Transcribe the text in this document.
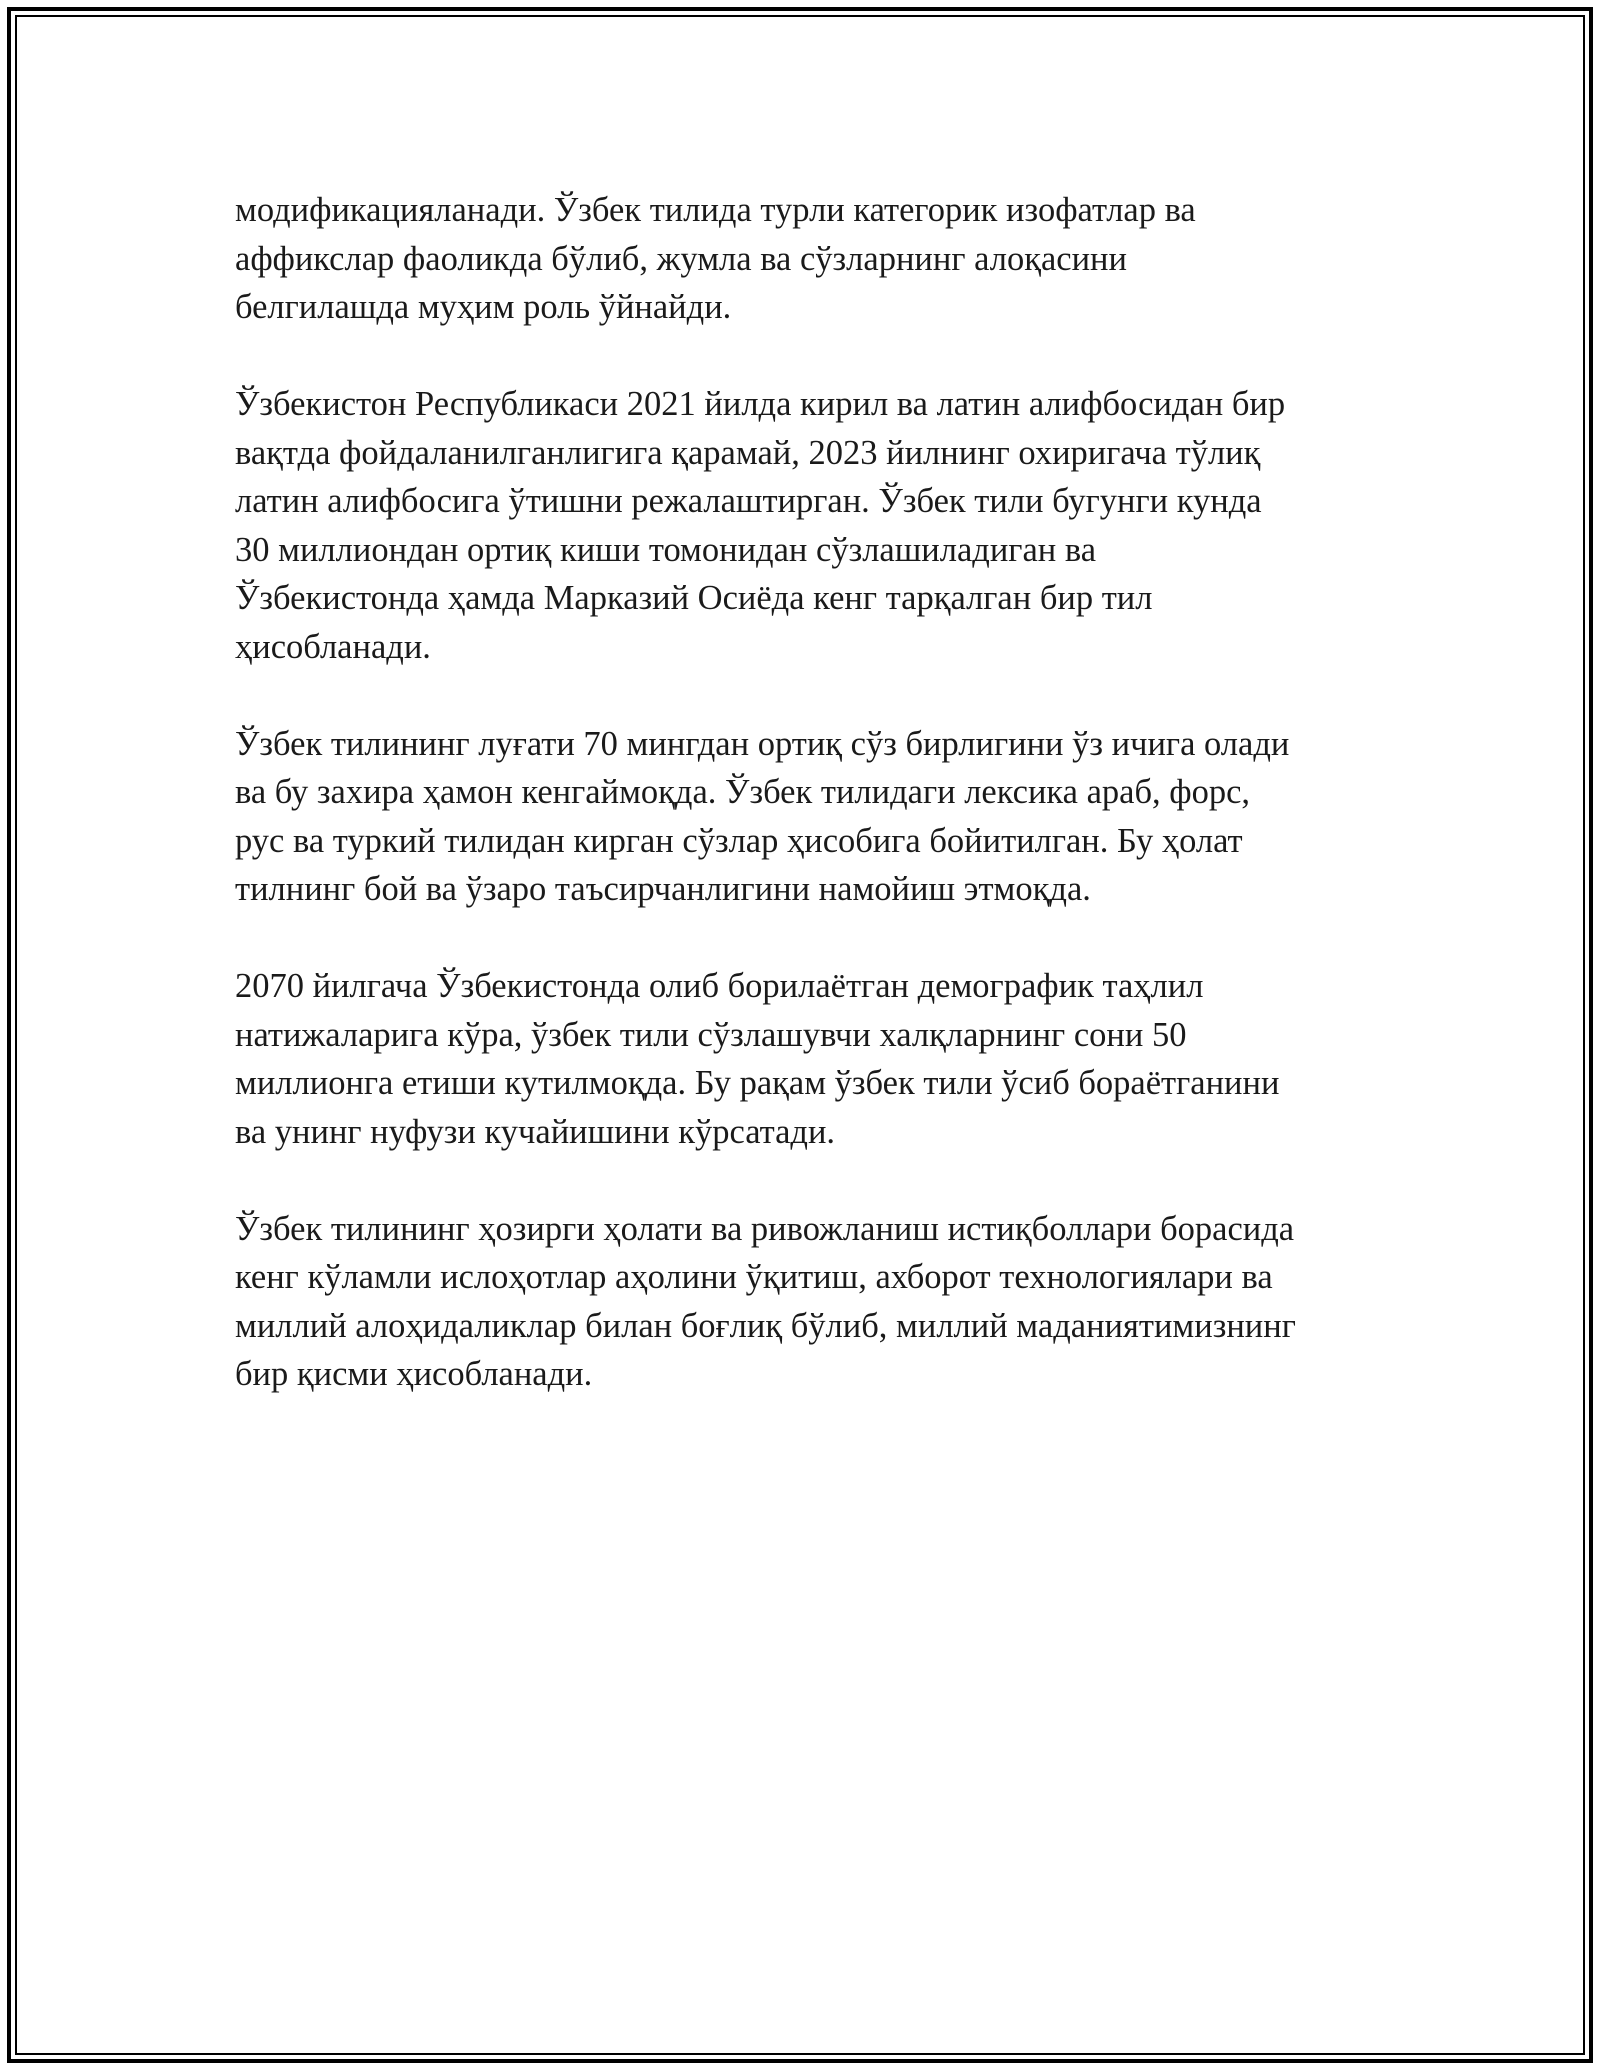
модификацияланади. Ўзбек тилида турли категорик изофатлар ва
аффикслар фаоликда бўлиб, жумла ва сўзларнинг алоқасини
белгилашда муҳим роль ўйнайди.

Ўзбекистон Республикаси 2021 йилда кирил ва латин алифбосидан бир
вақтда фойдаланилганлигига қарамай, 2023 йилнинг охиригача тўлиқ
латин алифбосига ўтишни режалаштирган. Ўзбек тили бугунги кунда
30 миллиондан ортиқ киши томонидан сўзлашиладиган ва
Ўзбекистонда ҳамда Марказий Осиёда кенг тарқалган бир тил
ҳисобланади.

Ўзбек тилининг луғати 70 мингдан ортиқ сўз бирлигини ўз ичига олади
ва бу захира ҳамон кенгаймоқда. Ўзбек тилидаги лексика араб, форс,
рус ва туркий тилидан кирган сўзлар ҳисобига бойитилган. Бу ҳолат
тилнинг бой ва ўзаро таъсирчанлигини намойиш этмоқда.

2070 йилгача Ўзбекистонда олиб борилаётган демографик таҳлил
натижаларига кўра, ўзбек тили сўзлашувчи халқларнинг сони 50
миллионга етиши кутилмоқда. Бу рақам ўзбек тили ўсиб бораётганини
ва унинг нуфузи кучайишини кўрсатади.

Ўзбек тилининг ҳозирги ҳолати ва ривожланиш истиқболлари борасида
кенг кўламли ислоҳотлар аҳолини ўқитиш, ахборот технологиялари ва
миллий алоҳидаликлар билан боғлиқ бўлиб, миллий маданиятимизнинг
бир қисми ҳисобланади.
